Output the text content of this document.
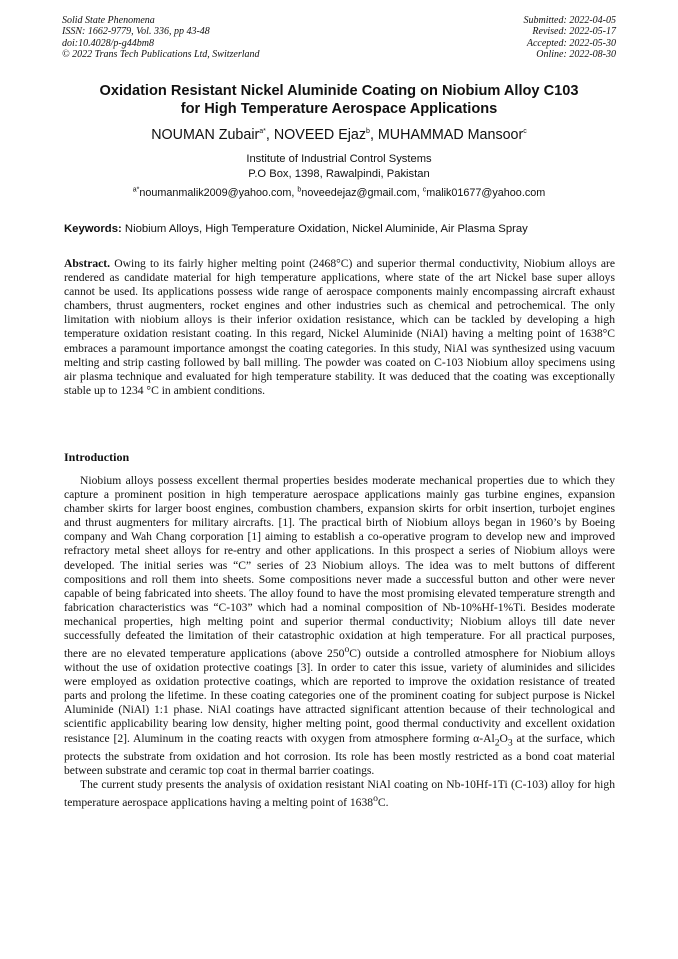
Solid State Phenomena
ISSN: 1662-9779, Vol. 336, pp 43-48
doi:10.4028/p-g44bm8
© 2022 Trans Tech Publications Ltd, Switzerland
Submitted: 2022-04-05
Revised: 2022-05-17
Accepted: 2022-05-30
Online: 2022-08-30
Oxidation Resistant Nickel Aluminide Coating on Niobium Alloy C103
for High Temperature Aerospace Applications
NOUMAN Zubair$^{a*}$, NOVEED Ejaz$^b$, MUHAMMAD Mansoor$^c$
Institute of Industrial Control Systems
P.O Box, 1398, Rawalpindi, Pakistan
$^{a*}$noumanmalik2009@yahoo.com, $^b$noveedejaz@gmail.com, $^c$malik01677@yahoo.com
Keywords: Niobium Alloys, High Temperature Oxidation, Nickel Aluminide, Air Plasma Spray
Abstract. Owing to its fairly higher melting point (2468°C) and superior thermal conductivity, Niobium alloys are rendered as candidate material for high temperature applications, where state of the art Nickel base super alloys cannot be used. Its applications possess wide range of aerospace components mainly encompassing aircraft exhaust chambers, thrust augmenters, rocket engines and other industries such as chemical and petrochemical. The only limitation with niobium alloys is their inferior oxidation resistance, which can be tackled by developing a high temperature oxidation resistant coating. In this regard, Nickel Aluminide (NiAl) having a melting point of 1638°C embraces a paramount importance amongst the coating categories. In this study, NiAl was synthesized using vacuum melting and strip casting followed by ball milling. The powder was coated on C-103 Niobium alloy specimens using air plasma technique and evaluated for high temperature stability. It was deduced that the coating was exceptionally stable up to 1234 °C in ambient conditions.
Introduction

Niobium alloys possess excellent thermal properties besides moderate mechanical properties due to which they capture a prominent position in high temperature aerospace applications mainly gas turbine engines, expansion chamber skirts for larger boost engines, combustion chambers, expansion skirts for orbit insertion, turbojet engines and thrust augmenters for military aircrafts. [1]. The practical birth of Niobium alloys began in 1960’s by Boeing company and Wah Chang corporation [1] aiming to establish a co-operative program to develop new and improved refractory metal sheet alloys for re-entry and other applications. In this prospect a series of Niobium alloys were developed. The initial series was “C” series of 23 Niobium alloys. The idea was to melt buttons of different compositions and roll them into sheets. Some compositions never made a successful button and other were never capable of being fabricated into sheets. The alloy found to have the most promising elevated temperature strength and fabrication characteristics was “C-103” which had a nominal composition of Nb-10%Hf-1%Ti. Besides moderate mechanical properties, high melting point and superior thermal conductivity; Niobium alloys till date never successfully defeated the limitation of their catastrophic oxidation at high temperature. For all practical purposes, there are no elevated temperature applications (above 250$^o$C) outside a controlled atmosphere for Niobium alloys without the use of oxidation protective coatings [3]. In order to cater this issue, variety of aluminides and silicides were employed as oxidation protective coatings, which are reported to improve the oxidation resistance of treated parts and prolong the lifetime. In these coating categories one of the prominent coating for subject purpose is Nickel Aluminide (NiAl) 1:1 phase. NiAl coatings have attracted significant attention because of their technological and scientific applicability bearing low density, higher melting point, good thermal conductivity and excellent oxidation resistance [2]. Aluminum in the coating reacts with oxygen from atmosphere forming $\alpha-Al_2O_3$ at the surface, which protects the substrate from oxidation and hot corrosion. Its role has been mostly restricted as a bond coat material between substrate and ceramic top coat in thermal barrier coatings.

The current study presents the analysis of oxidation resistant NiAl coating on Nb-10Hf-1Ti (C-103) alloy for high temperature aerospace applications having a melting point of 1638$^o$C.
